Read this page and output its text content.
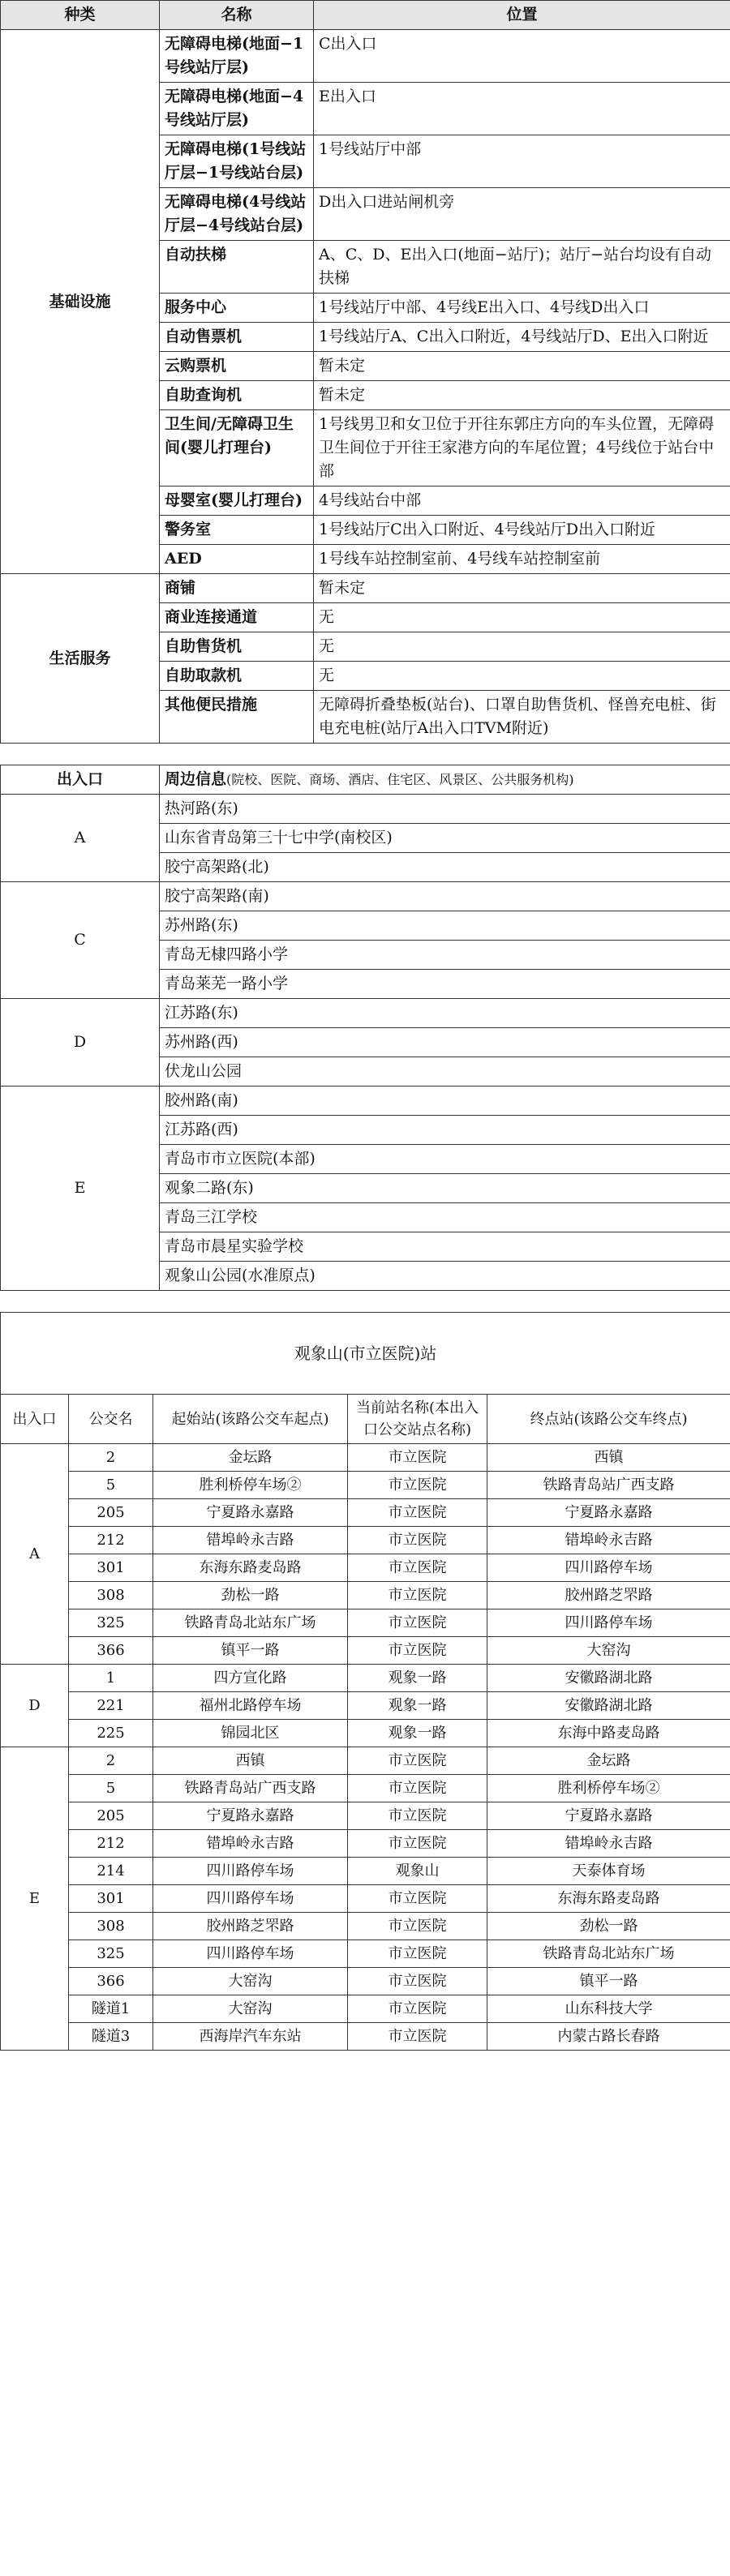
种类	名称	位置
基础设施	无障碍电梯(地面−1号线站厅层)	C出入口
	无障碍电梯(地面−4号线站厅层)	E出入口
	无障碍电梯(1号线站厅层−1号线站台层)	1号线站厅中部
	无障碍电梯(4号线站厅层−4号线站台层)	D出入口进站闸机旁
	自动扶梯	A、C、D、E出入口(地面−站厅)；站厅−站台均设有自动扶梯
	服务中心	1号线站厅中部、4号线E出入口、4号线D出入口
	自动售票机	1号线站厅A、C出入口附近，4号线站厅D、E出入口附近
	云购票机	暂未定
	自助查询机	暂未定
	卫生间/无障碍卫生间(婴儿打理台)	1号线男卫和女卫位于开往东郭庄方向的车头位置，无障碍卫生间位于开往王家港方向的车尾位置；4号线位于站台中部
	母婴室(婴儿打理台)	4号线站台中部
	警务室	1号线站厅C出入口附近、4号线站厅D出入口附近
	AED	1号线车站控制室前、4号线车站控制室前
生活服务	商铺	暂未定
	商业连接通道	无
	自助售货机	无
	自助取款机	无
	其他便民措施	无障碍折叠垫板(站台)、口罩自助售货机、怪兽充电桩、街电充电桩(站厅A出入口TVM附近)
出入口	周边信息(院校、医院、商场、酒店、住宅区、风景区、公共服务机构)
A	热河路(东)
	山东省青岛第三十七中学(南校区)
	胶宁高架路(北)
C	胶宁高架路(南)
	苏州路(东)
	青岛无棣四路小学
	青岛莱芜一路小学
D	江苏路(东)
	苏州路(西)
	伏龙山公园
E	胶州路(南)
	江苏路(西)
	青岛市市立医院(本部)
	观象二路(东)
	青岛三江学校
	青岛市晨星实验学校
	观象山公园(水准原点)
观象山(市立医院)站				
出入口	公交名	起始站(该路公交车起点)	当前站名称(本出入口公交站点名称)	终点站(该路公交车终点)
A	2	金坛路	市立医院	西镇
	5	胜利桥停车场②	市立医院	铁路青岛站广西支路
	205	宁夏路永嘉路	市立医院	宁夏路永嘉路
	212	错埠岭永吉路	市立医院	错埠岭永吉路
	301	东海东路麦岛路	市立医院	四川路停车场
	308	劲松一路	市立医院	胶州路芝罘路
	325	铁路青岛北站东广场	市立医院	四川路停车场
	366	镇平一路	市立医院	大窑沟
D	1	四方宣化路	观象一路	安徽路湖北路
	221	福州北路停车场	观象一路	安徽路湖北路
	225	锦园北区	观象一路	东海中路麦岛路
E	2	西镇	市立医院	金坛路
	5	铁路青岛站广西支路	市立医院	胜利桥停车场②
	205	宁夏路永嘉路	市立医院	宁夏路永嘉路
	212	错埠岭永吉路	市立医院	错埠岭永吉路
	214	四川路停车场	观象山	天泰体育场
	301	四川路停车场	市立医院	东海东路麦岛路
	308	胶州路芝罘路	市立医院	劲松一路
	325	四川路停车场	市立医院	铁路青岛北站东广场
	366	大窑沟	市立医院	镇平一路
	隧道1	大窑沟	市立医院	山东科技大学
	隧道3	西海岸汽车东站	市立医院	内蒙古路长春路
